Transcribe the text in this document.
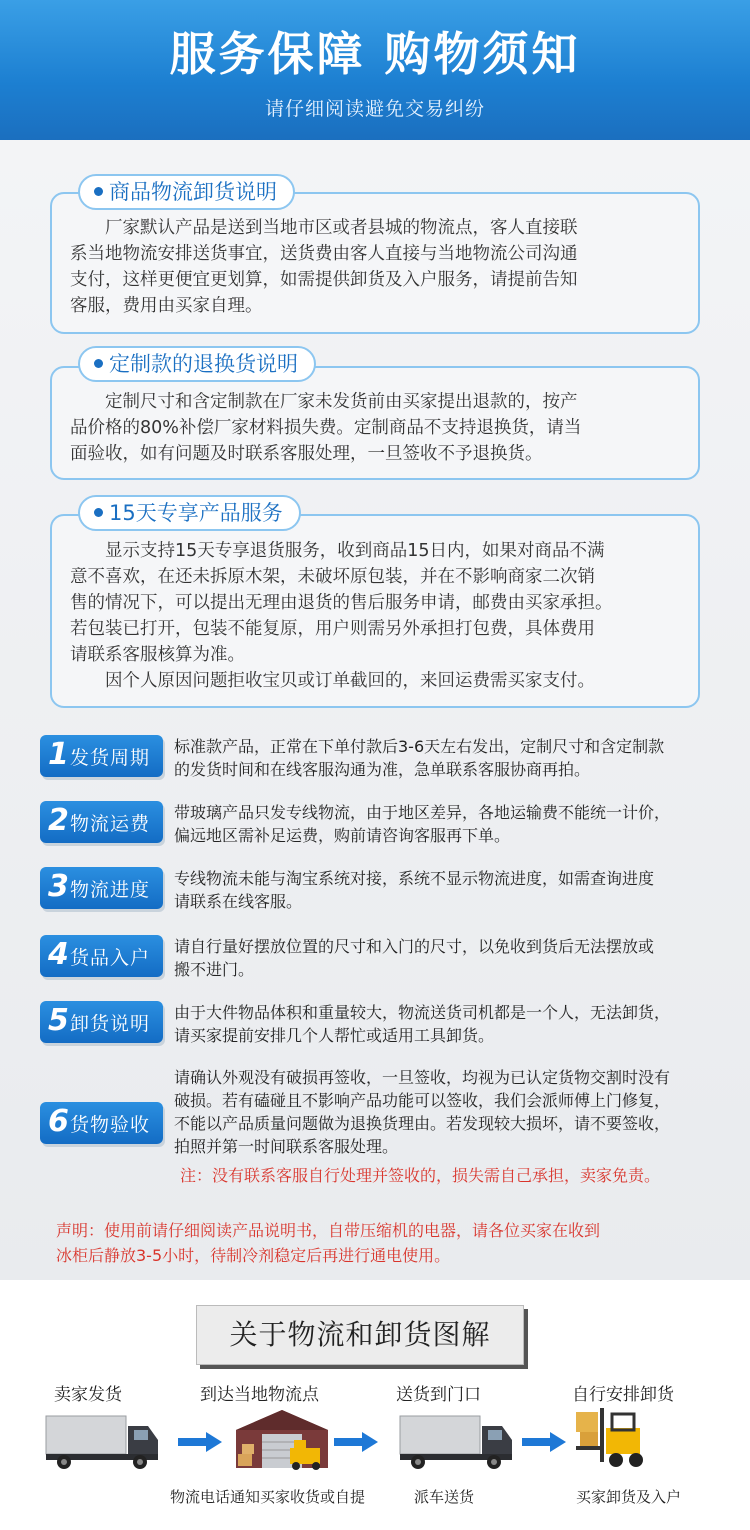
服务保障 购物须知
请仔细阅读避免交易纠纷
商品物流卸货说明

厂家默认产品是送到当地市区或者县城的物流点，客人直接联

系当地物流安排送货事宜，送货费由客人直接与当地物流公司沟通

支付，这样更便宜更划算，如需提供卸货及入户服务，请提前告知

客服，费用由买家自理。

定制款的退换货说明

定制尺寸和含定制款在厂家未发货前由买家提出退款的，按产

品价格的80%补偿厂家材料损失费。定制商品不支持退换货，请当

面验收，如有问题及时联系客服处理，一旦签收不予退换货。

15天专享产品服务

显示支持15天专享退货服务，收到商品15日内，如果对商品不满

意不喜欢，在还未拆原木架，未破坏原包装，并在不影响商家二次销

售的情况下，可以提出无理由退货的售后服务申请，邮费由买家承担。

若包装已打开，包装不能复原，用户则需另外承担打包费，具体费用

请联系客服核算为准。

因个人原因问题拒收宝贝或订单截回的，来回运费需买家支付。

1 发货周期
标准款产品，正常在下单付款后3-6天左右发出，定制尺寸和含定制款
的发货时间和在线客服沟通为准，急单联系客服协商再拍。
2 物流运费
带玻璃产品只发专线物流，由于地区差异，各地运输费不能统一计价，
偏远地区需补足运费，购前请咨询客服再下单。
3 物流进度
专线物流未能与淘宝系统对接，系统不显示物流进度，如需查询进度
请联系在线客服。
4 货品入户
请自行量好摆放位置的尺寸和入门的尺寸，以免收到货后无法摆放或
搬不进门。
5 卸货说明
由于大件物品体积和重量较大，物流送货司机都是一个人，无法卸货，
请买家提前安排几个人帮忙或适用工具卸货。
6 货物验收
请确认外观没有破损再签收，一旦签收，均视为已认定货物交割时没有
破损。若有磕碰且不影响产品功能可以签收，我们会派师傅上门修复，
不能以产品质量问题做为退换货理由。若发现较大损坏，请不要签收，
拍照并第一时间联系客服处理。
注：没有联系客服自行处理并签收的，损失需自己承担，卖家免责。

声明：使用前请仔细阅读产品说明书，自带压缩机的电器，请各位买家在收到

冰柜后静放3-5小时，待制冷剂稳定后再进行通电使用。

关于物流和卸货图解
卖家发货	到达当地物流点	送货到门口	自行安排卸货
物流电话通知买家收货或自提	派车送货	买家卸货及入户
